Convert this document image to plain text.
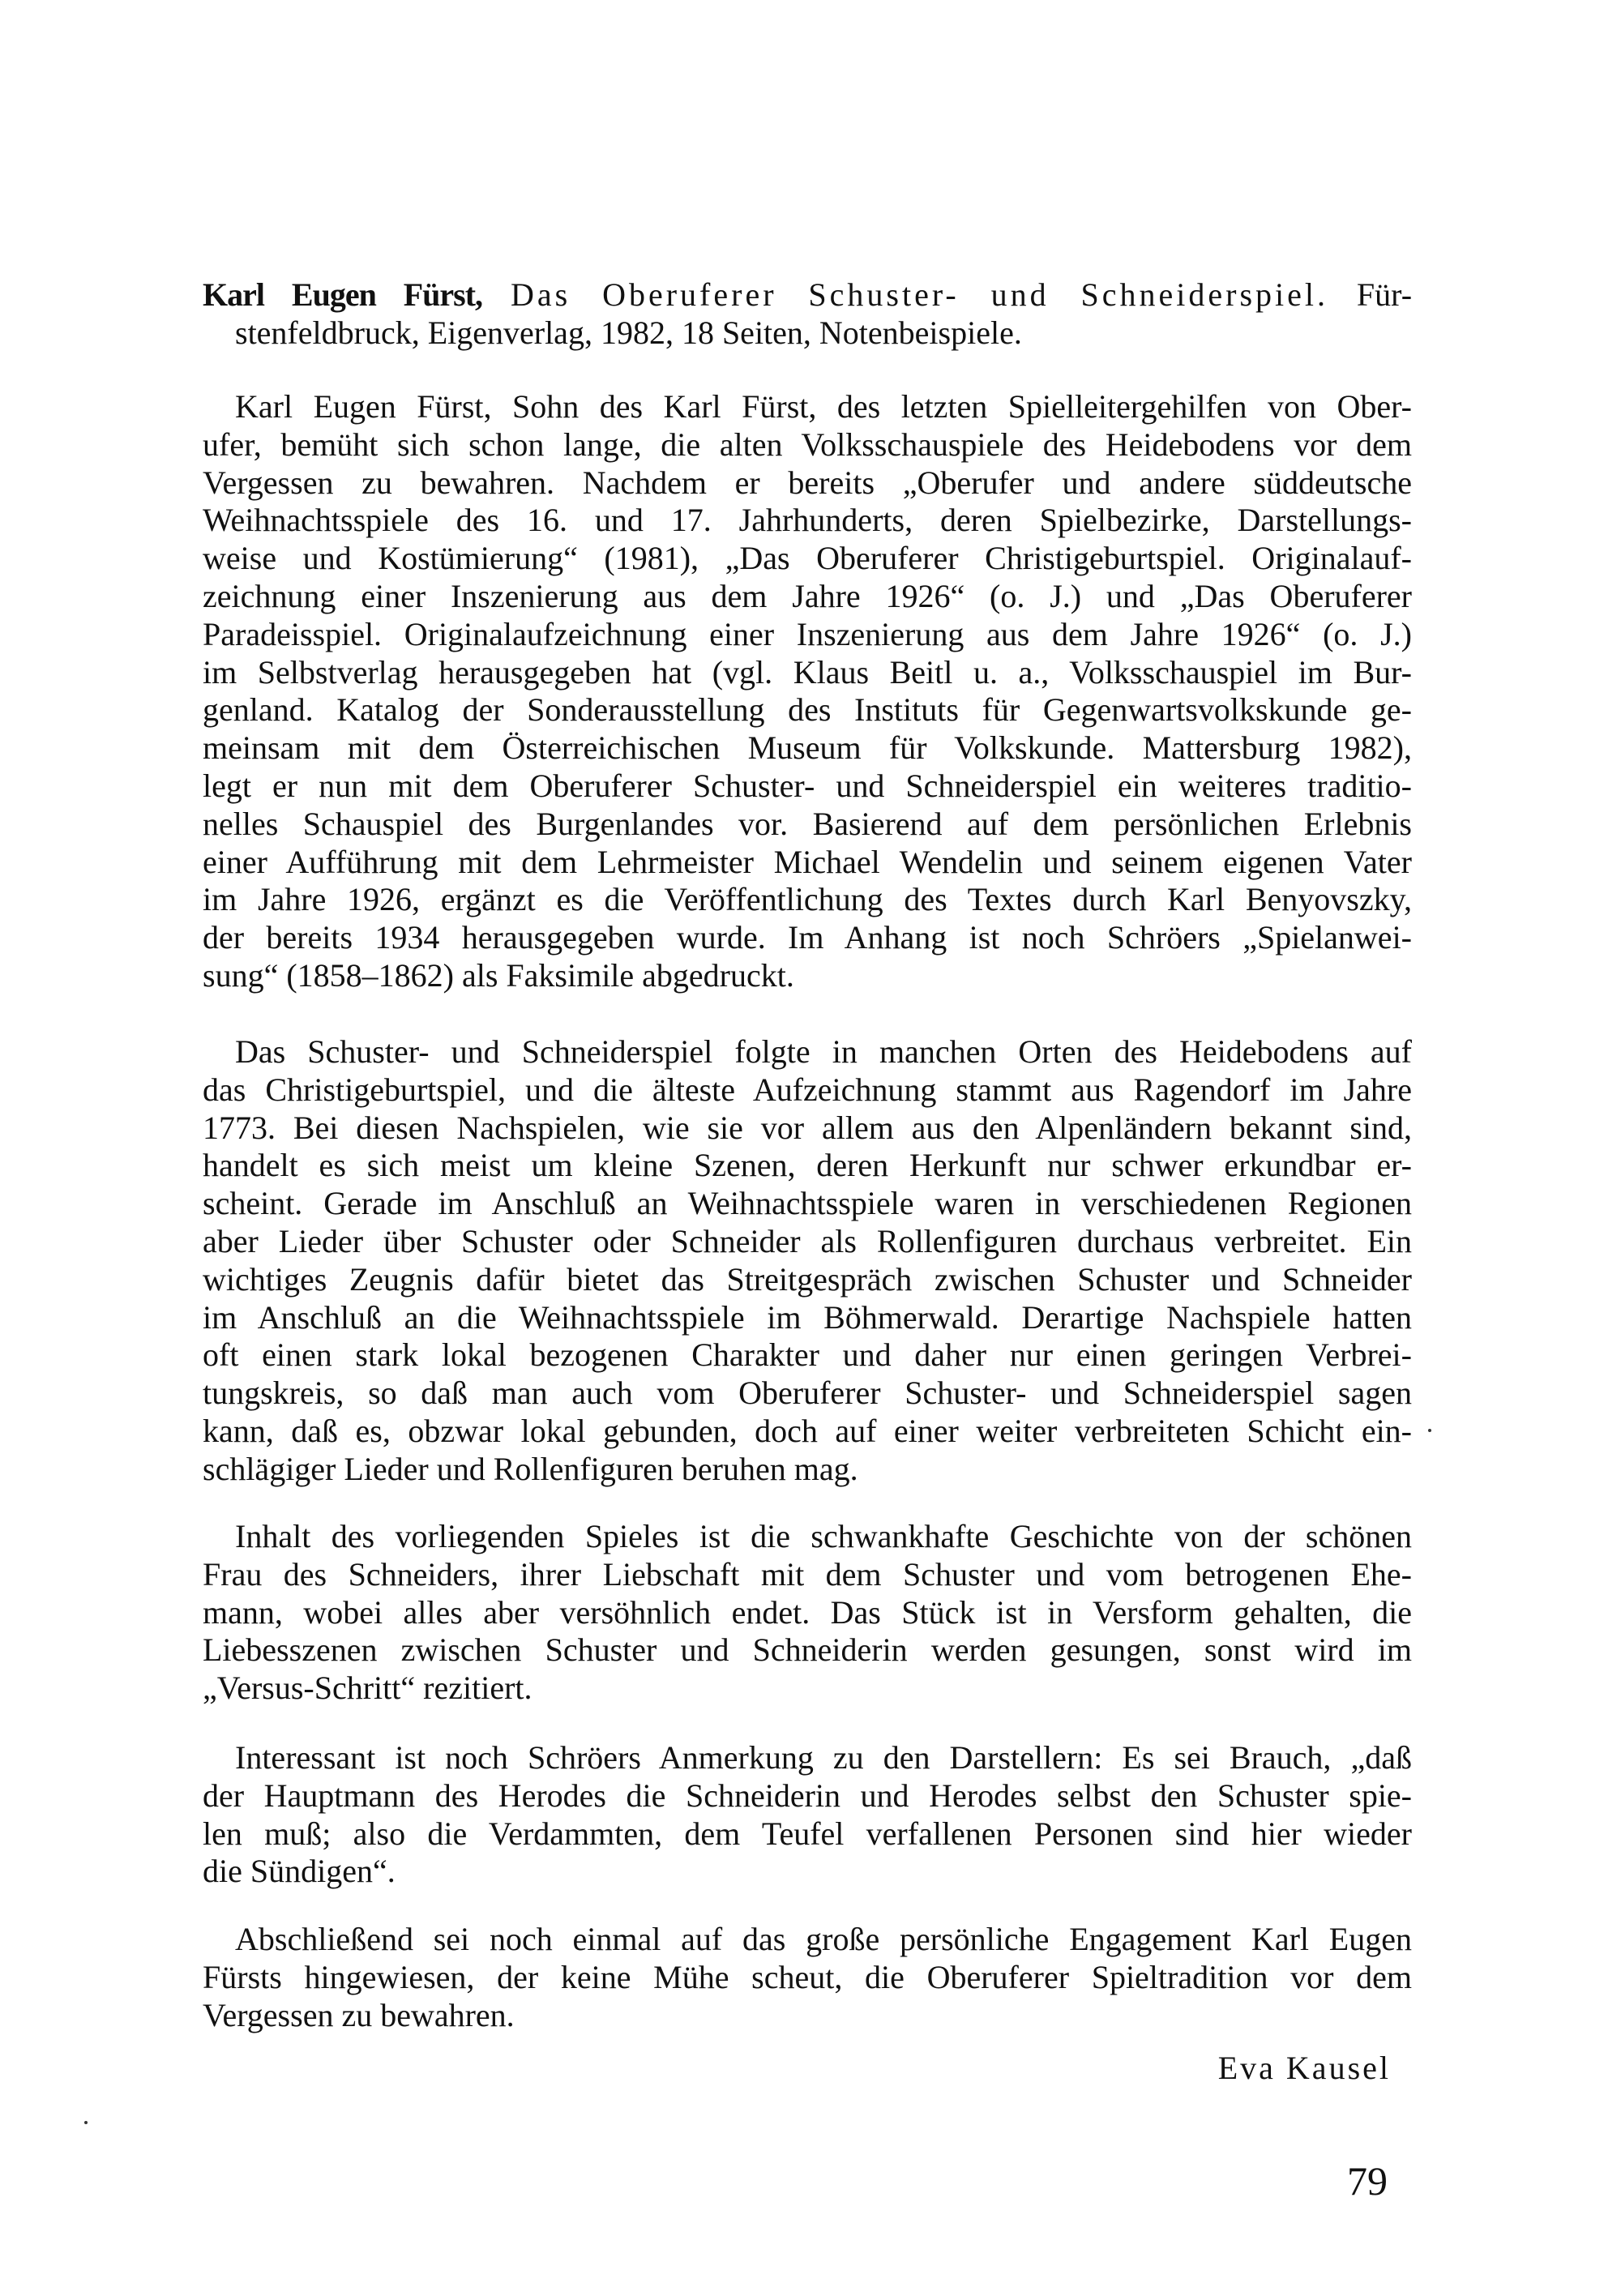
Karl Eugen Fürst, Das Oberuferer Schuster- und Schneiderspiel. Für-
stenfeldbruck, Eigenverlag, 1982, 18 Seiten, Notenbeispiele.
Karl Eugen Fürst, Sohn des Karl Fürst, des letzten Spielleitergehilfen von Ober-
ufer, bemüht sich schon lange, die alten Volksschauspiele des Heidebodens vor dem
Vergessen zu bewahren. Nachdem er bereits „Oberufer und andere süddeutsche
Weihnachtsspiele des 16. und 17. Jahrhunderts, deren Spielbezirke, Darstellungs-
weise und Kostümierung“ (1981), „Das Oberuferer Christigeburtspiel. Originalauf-
zeichnung einer Inszenierung aus dem Jahre 1926“ (o. J.) und „Das Oberuferer
Paradeisspiel. Originalaufzeichnung einer Inszenierung aus dem Jahre 1926“ (o. J.)
im Selbstverlag herausgegeben hat (vgl. Klaus Beitl u. a., Volksschauspiel im Bur-
genland. Katalog der Sonderausstellung des Instituts für Gegenwartsvolkskunde ge-
meinsam mit dem Österreichischen Museum für Volkskunde. Mattersburg 1982),
legt er nun mit dem Oberuferer Schuster- und Schneiderspiel ein weiteres traditio-
nelles Schauspiel des Burgenlandes vor. Basierend auf dem persönlichen Erlebnis
einer Aufführung mit dem Lehrmeister Michael Wendelin und seinem eigenen Vater
im Jahre 1926, ergänzt es die Veröffentlichung des Textes durch Karl Benyovszky,
der bereits 1934 herausgegeben wurde. Im Anhang ist noch Schröers „Spielanwei-
sung“ (1858–1862) als Faksimile abgedruckt.
Das Schuster- und Schneiderspiel folgte in manchen Orten des Heidebodens auf
das Christigeburtspiel, und die älteste Aufzeichnung stammt aus Ragendorf im Jahre
1773. Bei diesen Nachspielen, wie sie vor allem aus den Alpenländern bekannt sind,
handelt es sich meist um kleine Szenen, deren Herkunft nur schwer erkundbar er-
scheint. Gerade im Anschluß an Weihnachtsspiele waren in verschiedenen Regionen
aber Lieder über Schuster oder Schneider als Rollenfiguren durchaus verbreitet. Ein
wichtiges Zeugnis dafür bietet das Streitgespräch zwischen Schuster und Schneider
im Anschluß an die Weihnachtsspiele im Böhmerwald. Derartige Nachspiele hatten
oft einen stark lokal bezogenen Charakter und daher nur einen geringen Verbrei-
tungskreis, so daß man auch vom Oberuferer Schuster- und Schneiderspiel sagen
kann, daß es, obzwar lokal gebunden, doch auf einer weiter verbreiteten Schicht ein-
schlägiger Lieder und Rollenfiguren beruhen mag.
Inhalt des vorliegenden Spieles ist die schwankhafte Geschichte von der schönen
Frau des Schneiders, ihrer Liebschaft mit dem Schuster und vom betrogenen Ehe-
mann, wobei alles aber versöhnlich endet. Das Stück ist in Versform gehalten, die
Liebesszenen zwischen Schuster und Schneiderin werden gesungen, sonst wird im
„Versus-Schritt“ rezitiert.
Interessant ist noch Schröers Anmerkung zu den Darstellern: Es sei Brauch, „daß
der Hauptmann des Herodes die Schneiderin und Herodes selbst den Schuster spie-
len muß; also die Verdammten, dem Teufel verfallenen Personen sind hier wieder
die Sündigen“.
Abschließend sei noch einmal auf das große persönliche Engagement Karl Eugen
Fürsts hingewiesen, der keine Mühe scheut, die Oberuferer Spieltradition vor dem
Vergessen zu bewahren.
Eva Kausel
79
